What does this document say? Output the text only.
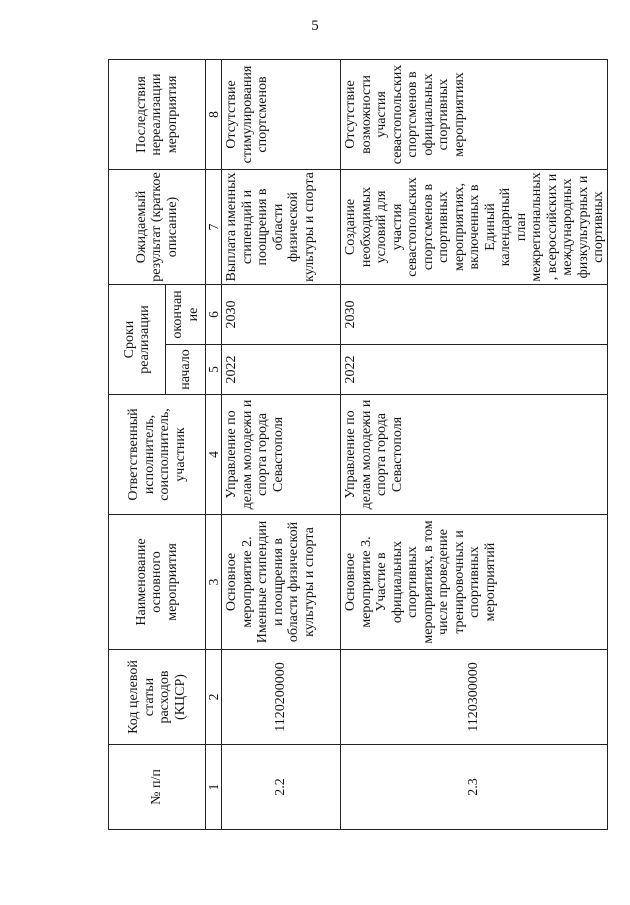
5
№ п/п	Код целевой статьи расходов (КЦСР)	Наименование основного мероприятия	Ответственный исполнитель, соисполнитель, участник	Сроки реализации		Ожидаемый результат (краткое описание)	Последствия нереализации мероприятия
				начало	окончание		
1	2	3	4	5	6	7	8
2.2	1120200000	Основное мероприятие 2. Именные стипендии и поощрения в области физической культуры и спорта	Управление по делам молодежи и спорта города Севастополя	2022	2030	Выплата именных стипендий и поощрения в области физической культуры и спорта	Отсутствие стимулирования спортсменов
2.3	1120300000	Основное мероприятие 3. Участие в официальных спортивных мероприятиях, в том числе проведение тренировочных и спортивных мероприятий	Управление по делам молодежи и спорта города Севастополя	2022	2030	Создание необходимых условий для участия севастопольских спортсменов в спортивных мероприятиях, включенных в Единый календарный план межрегиональных, всероссийских и международных физкультурных и спортивных	Отсутствие возможности участия севастопольских спортсменов в официальных спортивных мероприятиях
